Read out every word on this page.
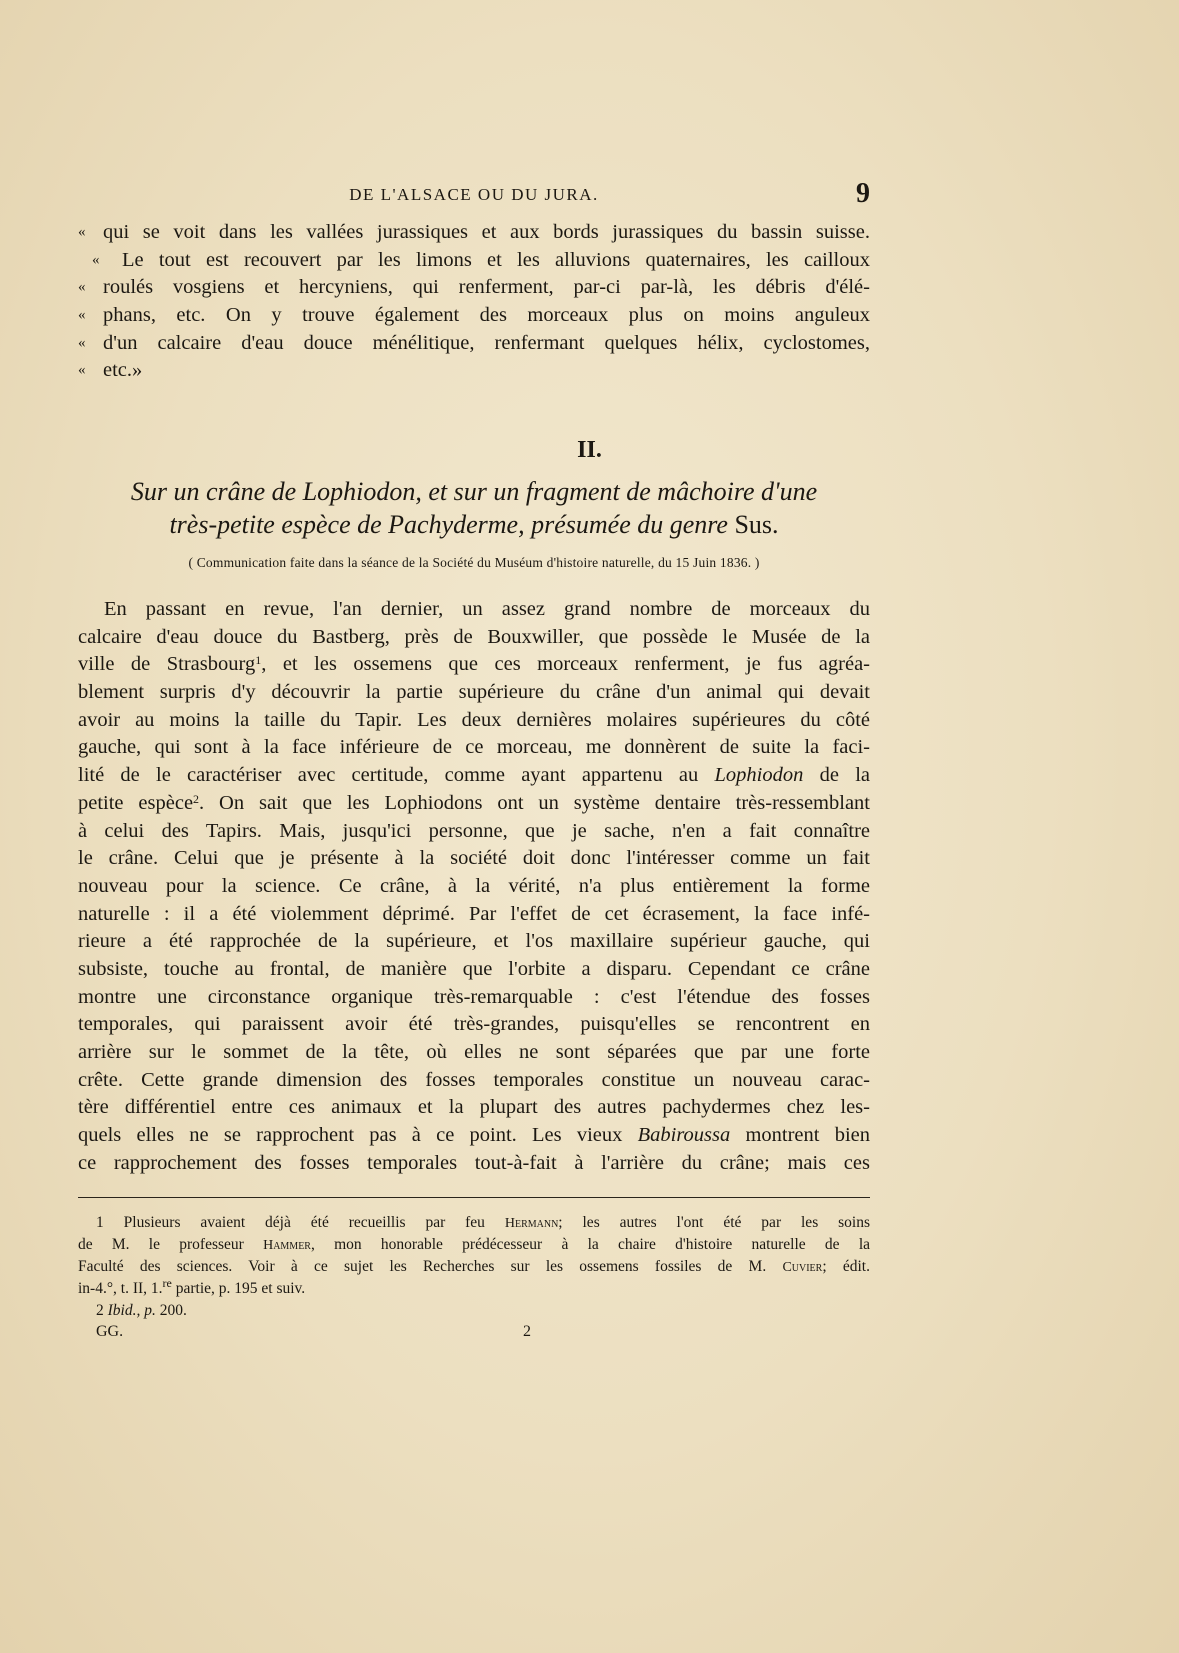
DE L'ALSACE OU DU JURA.	9
« qui se voit dans les vallées jurassiques et aux bords jurassiques du bassin suisse.
« Le tout est recouvert par les limons et les alluvions quaternaires, les cailloux
« roulés vosgiens et hercyniens, qui renferment, par-ci par-là, les débris d'élé-
« phans, etc. On y trouve également des morceaux plus on moins anguleux
« d'un calcaire d'eau douce ménélitique, renfermant quelques hélix, cyclostomes,
« etc.»
II.
Sur un crâne de Lophiodon, et sur un fragment de mâchoire d'une
très-petite espèce de Pachyderme, présumée du genre Sus.
( Communication faite dans la séance de la Société du Muséum d'histoire naturelle, du 15 Juin 1836. )
En passant en revue, l'an dernier, un assez grand nombre de morceaux du
calcaire d'eau douce du Bastberg, près de Bouxwiller, que possède le Musée de la
ville de Strasbourg$^1$, et les ossemens que ces morceaux renferment, je fus agréa-
blement surpris d'y découvrir la partie supérieure du crâne d'un animal qui devait
avoir au moins la taille du Tapir. Les deux dernières molaires supérieures du côté
gauche, qui sont à la face inférieure de ce morceau, me donnèrent de suite la faci-
lité de le caractériser avec certitude, comme ayant appartenu au Lophiodon de la
petite espèce$^2$. On sait que les Lophiodons ont un système dentaire très-ressemblant
à celui des Tapirs. Mais, jusqu'ici personne, que je sache, n'en a fait connaître
le crâne. Celui que je présente à la société doit donc l'intéresser comme un fait
nouveau pour la science. Ce crâne, à la vérité, n'a plus entièrement la forme
naturelle : il a été violemment déprimé. Par l'effet de cet écrasement, la face infé-
rieure a été rapprochée de la supérieure, et l'os maxillaire supérieur gauche, qui
subsiste, touche au frontal, de manière que l'orbite a disparu. Cependant ce crâne
montre une circonstance organique très-remarquable : c'est l'étendue des fosses
temporales, qui paraissent avoir été très-grandes, puisqu'elles se rencontrent en
arrière sur le sommet de la tête, où elles ne sont séparées que par une forte
crête. Cette grande dimension des fosses temporales constitue un nouveau carac-
tère différentiel entre ces animaux et la plupart des autres pachydermes chez les-
quels elles ne se rapprochent pas à ce point. Les vieux Babiroussa montrent bien
ce rapprochement des fosses temporales tout-à-fait à l'arrière du crâne; mais ces
1 Plusieurs avaient déjà été recueillis par feu Hermann; les autres l'ont été par les soins
de M. le professeur Hammer, mon honorable prédécesseur à la chaire d'histoire naturelle de la
Faculté des sciences. Voir à ce sujet les Recherches sur les ossemens fossiles de M. Cuvier; édit.
in-4.°, t. II, 1.$^{re}$ partie, p. 195 et suiv.
2 Ibid., p. 200.
GG.	2
